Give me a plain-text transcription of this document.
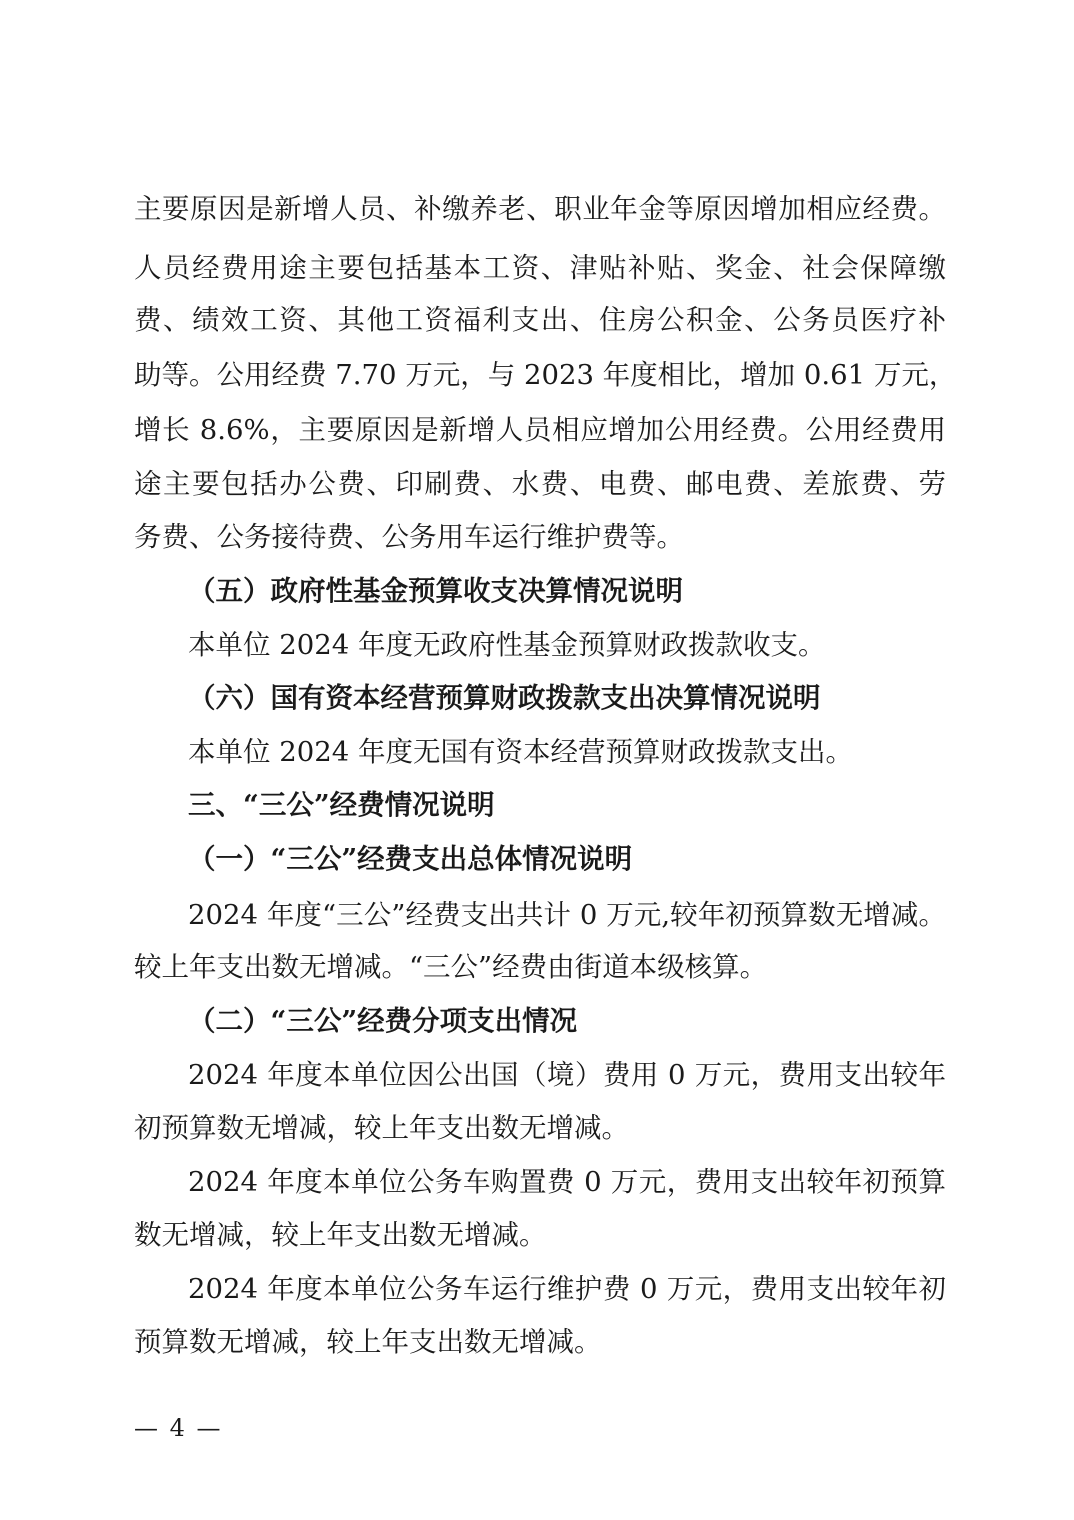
主要原因是新增人员、补缴养老、职业年金等原因增加相应经费。
人员经费用途主要包括基本工资、津贴补贴、奖金、社会保障缴
费、绩效工资、其他工资福利支出、住房公积金、公务员医疗补
助等。公用经费 7.70 万元，与 2023 年度相比，增加 0.61 万元，
增长 8.6%，主要原因是新增人员相应增加公用经费。公用经费用
途主要包括办公费、印刷费、水费、电费、邮电费、差旅费、劳
务费、公务接待费、公务用车运行维护费等。
（五）政府性基金预算收支决算情况说明
本单位 2024 年度无政府性基金预算财政拨款收支。
（六）国有资本经营预算财政拨款支出决算情况说明
本单位 2024 年度无国有资本经营预算财政拨款支出。
三、“三公”经费情况说明
（一）“三公”经费支出总体情况说明
2024 年度“三公”经费支出共计 0 万元,较年初预算数无增减。
较上年支出数无增减。“三公”经费由街道本级核算。
（二）“三公”经费分项支出情况
2024 年度本单位因公出国（境）费用 0 万元，费用支出较年
初预算数无增减，较上年支出数无增减。
2024 年度本单位公务车购置费 0 万元，费用支出较年初预算
数无增减，较上年支出数无增减。
2024 年度本单位公务车运行维护费 0 万元，费用支出较年初
预算数无增减，较上年支出数无增减。
— 4 —
